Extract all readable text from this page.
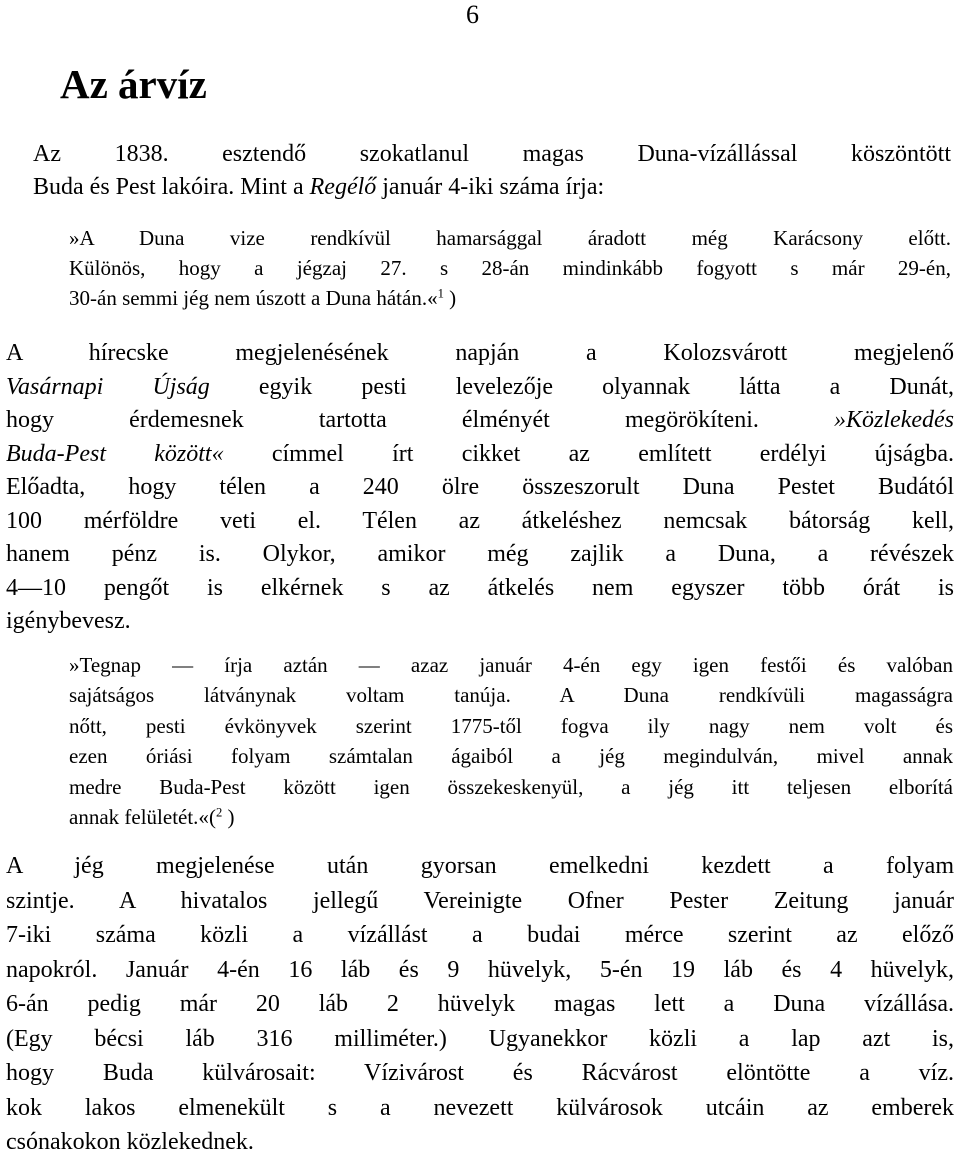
6
Az árvíz
Az 1838. esztendő szokatlanul magas Duna-vízállással köszöntött
Buda és Pest lakóira. Mint a Regélő január 4-iki száma írja:
»A Duna vize rendkívül hamarsággal áradott még Karácsony előtt.
Különös, hogy a jégzaj 27. s 28-án mindinkább fogyott s már 29-én,
30-án semmi jég nem úszott a Duna hátán.«$^1$ )
A hírecske megjelenésének napján a Kolozsvárott megjelenő
Vasárnapi Újság egyik pesti levelezője olyannak látta a Dunát,
hogy érdemesnek tartotta élményét megörökíteni. »Közlekedés
Buda-Pest között« címmel írt cikket az említett erdélyi újságba.
Előadta, hogy télen a 240 ölre összeszorult Duna Pestet Budától
100 mérföldre veti el. Télen az átkeléshez nemcsak bátorság kell,
hanem pénz is. Olykor, amikor még zajlik a Duna, a révészek
4—10 pengőt is elkérnek s az átkelés nem egyszer több órát is
igénybevesz.
»Tegnap — írja aztán — azaz január 4-én egy igen festői és valóban
sajátságos látványnak voltam tanúja. A Duna rendkívüli magasságra
nőtt, pesti évkönyvek szerint 1775-től fogva ily nagy nem volt és
ezen óriási folyam számtalan ágaiból a jég megindulván, mivel annak
medre Buda-Pest között igen összekeskenyül, a jég itt teljesen elborítá
annak felületét.«($^2$ )
A jég megjelenése után gyorsan emelkedni kezdett a folyam
szintje. A hivatalos jellegű Vereinigte Ofner Pester Zeitung január
7-iki száma közli a vízállást a budai mérce szerint az előző
napokról. Január 4-én 16 láb és 9 hüvelyk, 5-én 19 láb és 4 hüvelyk,
6-án pedig már 20 láb 2 hüvelyk magas lett a Duna vízállása.
(Egy bécsi láb 316 milliméter.) Ugyanekkor közli a lap azt is,
hogy Buda külvárosait: Vízivárost és Rácvárost elöntötte a víz.
kok lakos elmenekült s a nevezett külvárosok utcáin az emberek
csónakokon közlekednek.
